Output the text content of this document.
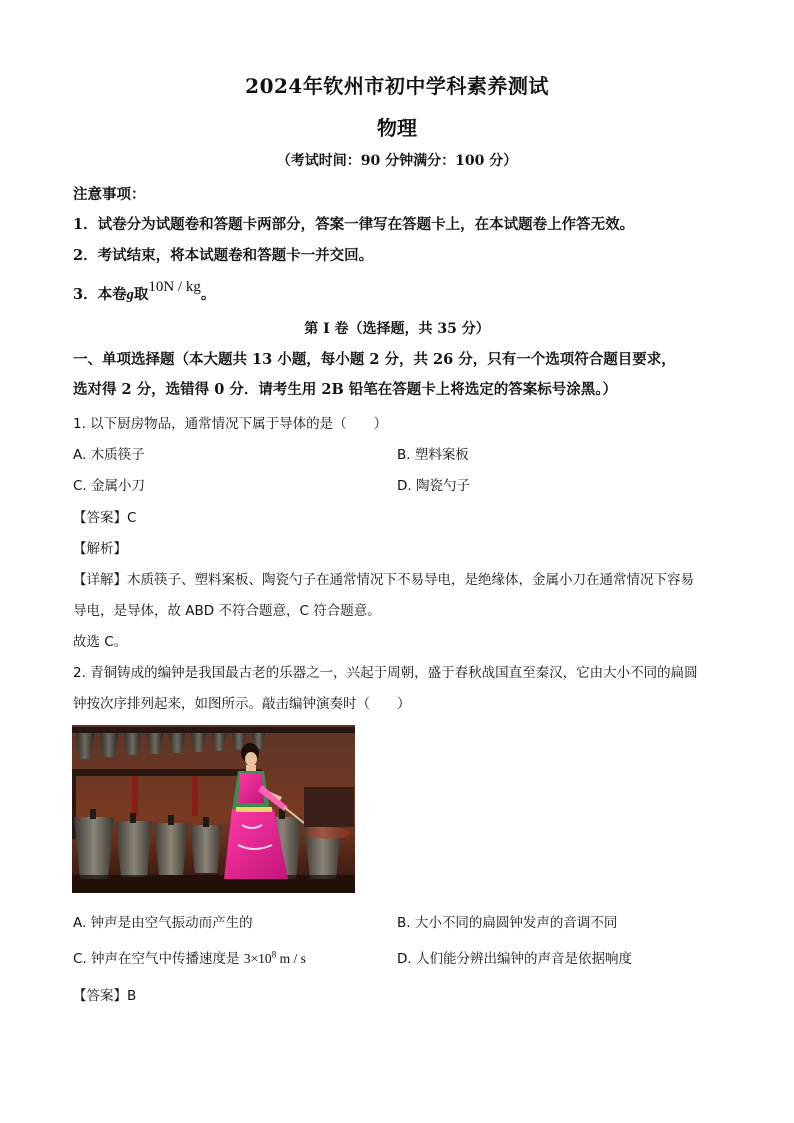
2024年钦州市初中学科素养测试
物理
（考试时间：90 分钟满分：100 分）
注意事项：
1．试卷分为试题卷和答题卡两部分，答案一律写在答题卡上，在本试题卷上作答无效。
2．考试结束，将本试题卷和答题卡一并交回。
3．本卷g取10N / kg。
第 I 卷（选择题，共 35 分）
一、单项选择题（本大题共 13 小题，每小题 2 分，共 26 分，只有一个选项符合题目要求，
选对得 2 分，选错得 0 分．请考生用 2B 铅笔在答题卡上将选定的答案标号涂黑。）
1. 以下厨房物品，通常情况下属于导体的是（　　）
A. 木质筷子	B. 塑料案板
C. 金属小刀	D. 陶瓷勺子
【答案】C
【解析】
【详解】木质筷子、塑料案板、陶瓷勺子在通常情况下不易导电，是绝缘体，金属小刀在通常情况下容易
导电，是导体，故 ABD 不符合题意，C 符合题意。
故选 C。
2. 青铜铸成的编钟是我国最古老的乐器之一，兴起于周朝，盛于春秋战国直至秦汉，它由大小不同的扁圆
钟按次序排列起来，如图所示。敲击编钟演奏时（　　）
A. 钟声是由空气振动而产生的	B. 大小不同的扁圆钟发声的音调不同
C. 钟声在空气中传播速度是 $3\times 10^8$ m / s	D. 人们能分辨出编钟的声音是依据响度
【答案】B
